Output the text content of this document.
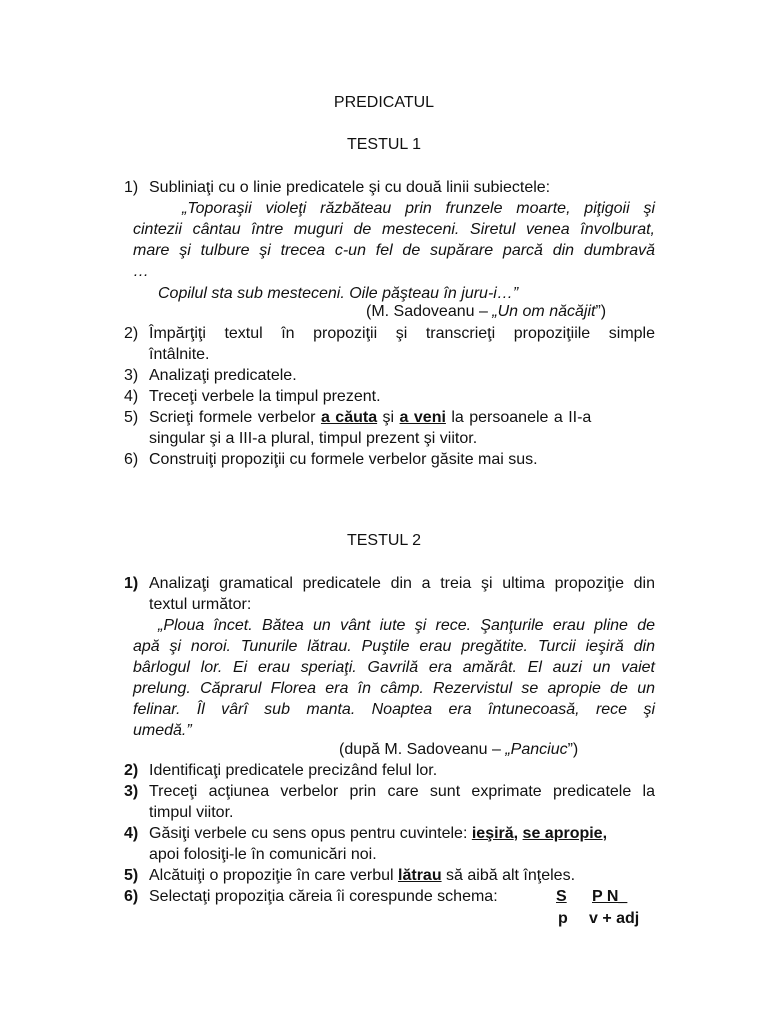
PREDICATUL
TESTUL 1
1) Subliniaţi cu o linie predicatele şi cu două linii subiectele:
„Toporaşii violeţi răzbăteau prin frunzele moarte, piţigoii şi
cintezii cântau între muguri de mesteceni. Siretul venea învolburat,
mare şi tulbure şi trecea c-un fel de supărare parcă din dumbravă
…
Copilul sta sub mesteceni. Oile păşteau în juru-i…”
(M. Sadoveanu – „Un om năcăjit”)
2) Împărţiţi textul în propoziţii şi transcrieţi propoziţiile simple
întâlnite.
3) Analizaţi predicatele.
4) Treceţi verbele la timpul prezent.
5) Scrieţi formele verbelor a căuta şi a veni la persoanele a II-a
singular şi a III-a plural, timpul prezent şi viitor.
6) Construiţi propoziţii cu formele verbelor găsite mai sus.
TESTUL 2
1) Analizaţi gramatical predicatele din a treia şi ultima propoziţie din
textul următor:
„Ploua încet. Bătea un vânt iute şi rece. Şanţurile erau pline de
apă şi noroi. Tunurile lătrau. Puştile erau pregătite. Turcii ieşiră din
bârlogul lor. Ei erau speriaţi. Gavrilă era amărât. El auzi un vaiet
prelung. Căprarul Florea era în câmp. Rezervistul se apropie de un
felinar. Îl vârî sub manta. Noaptea era întunecoasă, rece şi
umedă.”
(după M. Sadoveanu – „Panciuc”)
2) Identificaţi predicatele precizând felul lor.
3) Treceţi acţiunea verbelor prin care sunt exprimate predicatele la
timpul viitor.
4) Găsiţi verbele cu sens opus pentru cuvintele: ieşiră, se apropie,
apoi folosiţi-le în comunicări noi.
5) Alcătuiţi o propoziţie în care verbul lătrau să aibă alt înţeles.
6) Selectaţi propoziţia căreia îi corespunde schema:	S P N_
p v + adj
